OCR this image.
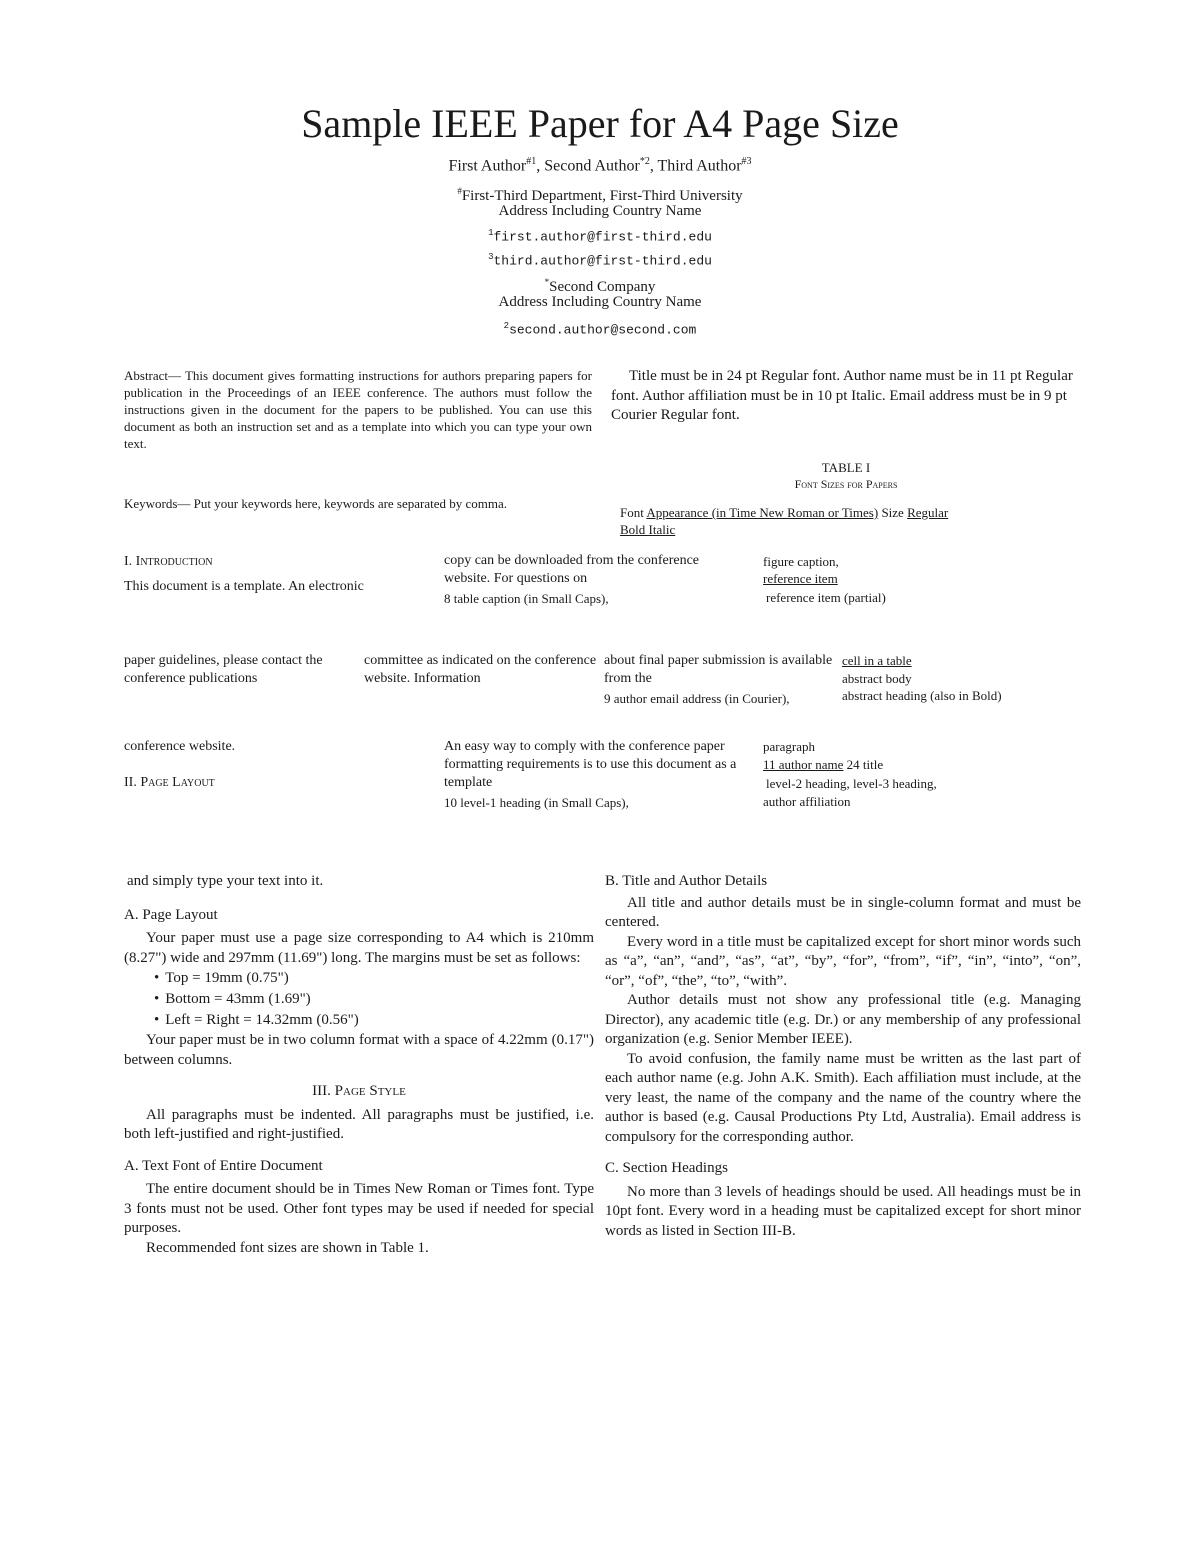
Sample IEEE Paper for A4 Page Size
First Author$^{\#1}$, Second Author$^{*2}$, Third Author$^{\#3}$
#First-Third Department, First-Third University
Address Including Country Name
$^1$first.author@first-third.edu
$^3$third.author@first-third.edu
*Second Company
Address Including Country Name
$^2$second.author@second.com
Abstract— This document gives formatting instructions for authors preparing papers for publication in the Proceedings of an IEEE conference. The authors must follow the instructions given in the document for the papers to be published. You can use this document as both an instruction set and as a template into which you can type your own text.
Keywords— Put your keywords here, keywords are separated by comma.
Title must be in 24 pt Regular font. Author name must be in 11 pt Regular font. Author affiliation must be in 10 pt Italic. Email address must be in 9 pt Courier Regular font.
TABLE I
Font Sizes for Papers
Font Appearance (in Time New Roman or Times) Size Regular
Bold Italic
I. Introduction
This document is a template. An electronic
copy can be downloaded from the conference website. For questions on
8 table caption (in Small Caps),
figure caption,
reference item
reference item (partial)
paper guidelines, please contact the conference publications
committee as indicated on the conference website. Information
about final paper submission is available from the
9 author email address (in Courier),
cell in a table
abstract body
abstract heading (also in Bold)
conference website.
II. Page Layout
An easy way to comply with the conference paper formatting requirements is to use this document as a template
10 level-1 heading (in Small Caps),
paragraph
11 author name 24 title
level-2 heading, level-3 heading,
author affiliation

and simply type your text into it.

A. Page Layout

Your paper must use a page size corresponding to A4 which is 210mm (8.27") wide and 297mm (11.69") long. The margins must be set as follows:

• Top = 19mm (0.75")
• Bottom = 43mm (1.69")
• Left = Right = 14.32mm (0.56")

Your paper must be in two column format with a space of 4.22mm (0.17") between columns.

III. Page Style

All paragraphs must be indented. All paragraphs must be justified, i.e. both left-justified and right-justified.

A. Text Font of Entire Document

The entire document should be in Times New Roman or Times font. Type 3 fonts must not be used. Other font types may be used if needed for special purposes.

Recommended font sizes are shown in Table 1.

B. Title and Author Details

All title and author details must be in single-column format and must be centered.

Every word in a title must be capitalized except for short minor words such as “a”, “an”, “and”, “as”, “at”, “by”, “for”, “from”, “if”, “in”, “into”, “on”, “or”, “of”, “the”, “to”, “with”.

Author details must not show any professional title (e.g. Managing Director), any academic title (e.g. Dr.) or any membership of any professional organization (e.g. Senior Member IEEE).

To avoid confusion, the family name must be written as the last part of each author name (e.g. John A.K. Smith). Each affiliation must include, at the very least, the name of the company and the name of the country where the author is based (e.g. Causal Productions Pty Ltd, Australia). Email address is compulsory for the corresponding author.

C. Section Headings

No more than 3 levels of headings should be used. All headings must be in 10pt font. Every word in a heading must be capitalized except for short minor words as listed in Section III-B.
